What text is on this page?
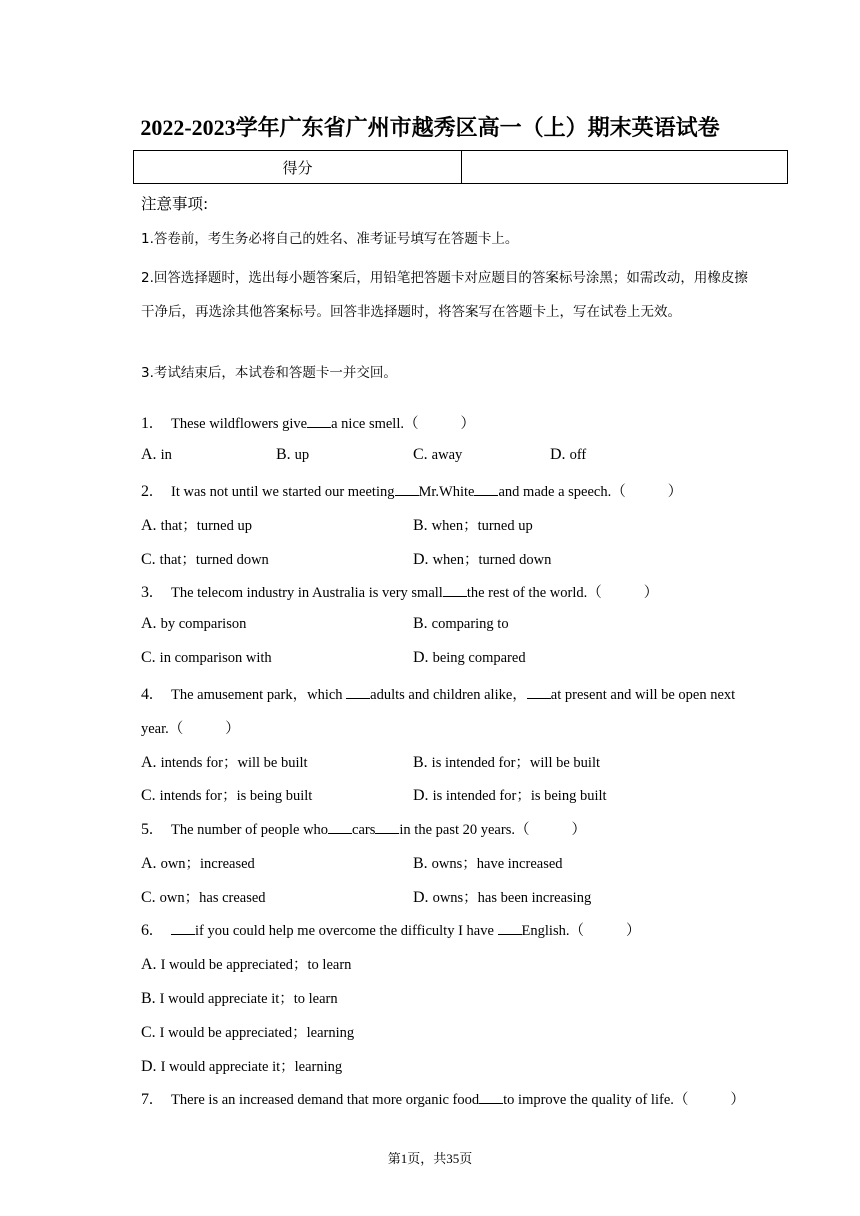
2022-2023学年广东省广州市越秀区高一（上）期末英语试卷
得分	
注意事项:
1.答卷前，考生务必将自己的姓名、准考证号填写在答题卡上。
2.回答选择题时，选出每小题答案后，用铅笔把答题卡对应题目的答案标号涂黑；如需改动，用橡皮擦干净后，再选涂其他答案标号。回答非选择题时，将答案写在答题卡上，写在试卷上无效。
3.考试结束后，本试卷和答题卡一并交回。
1. These wildflowers give a nice smell.（	）
A. in	B. up	C. away	D. off
2. It was not until we started our meeting Mr.White and made a speech.（	）
A. that；turned up	B. when；turned up
C. that；turned down	D. when；turned down
3. The telecom industry in Australia is very small the rest of the world.（	）
A. by comparison	B. comparing to
C. in comparison with	D. being compared
4. The amusement park，which adults and children alike， at present and will be open next
year.（	）
A. intends for；will be built	B. is intended for；will be built
C. intends for；is being built	D. is intended for；is being built
5. The number of people who cars in the past 20 years.（	）
A. own；increased	B. owns；have increased
C. own；has creased	D. owns；has been increasing
6.	if you could help me overcome the difficulty I have English.（	）
A. I would be appreciated；to learn
B. I would appreciate it；to learn
C. I would be appreciated；learning
D. I would appreciate it；learning
7. There is an increased demand that more organic food to improve the quality of life.（	）
第1页，共35页
